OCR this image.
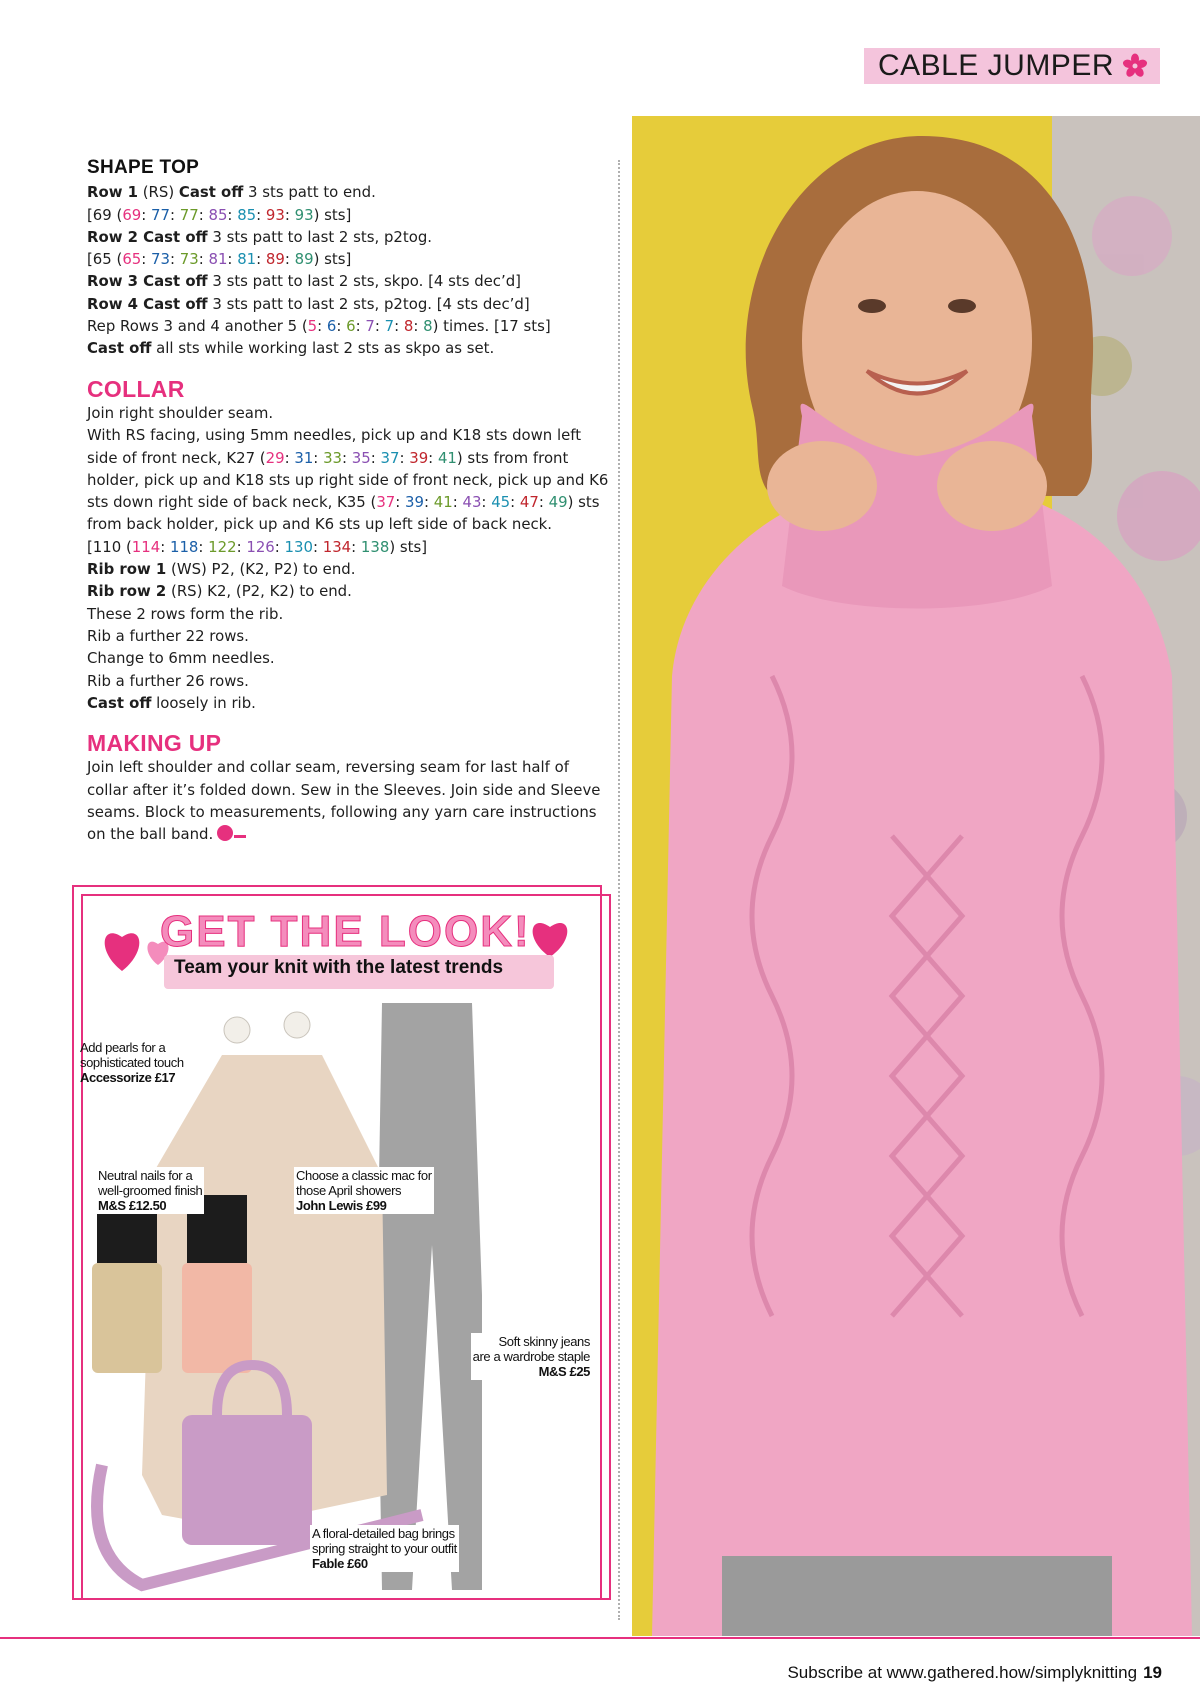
CABLE JUMPER
SHAPE TOP

Row 1 (RS) Cast off 3 sts patt to end.

[69 (69: 77: 77: 85: 85: 93: 93) sts]

Row 2 Cast off 3 sts patt to last 2 sts, p2tog.

[65 (65: 73: 73: 81: 81: 89: 89) sts]

Row 3 Cast off 3 sts patt to last 2 sts, skpo. [4 sts dec’d]

Row 4 Cast off 3 sts patt to last 2 sts, p2tog. [4 sts dec’d]

Rep Rows 3 and 4 another 5 (5: 6: 6: 7: 7: 8: 8) times. [17 sts]

Cast off all sts while working last 2 sts as skpo as set.

COLLAR

Join right shoulder seam.

With RS facing, using 5mm needles, pick up and K18 sts down left side of front neck, K27 (29: 31: 33: 35: 37: 39: 41) sts from front holder, pick up and K18 sts up right side of front neck, pick up and K6 sts down right side of back neck, K35 (37: 39: 41: 43: 45: 47: 49) sts from back holder, pick up and K6 sts up left side of back neck.

[110 (114: 118: 122: 126: 130: 134: 138) sts]

Rib row 1 (WS) P2, (K2, P2) to end.

Rib row 2 (RS) K2, (P2, K2) to end.

These 2 rows form the rib.

Rib a further 22 rows.

Change to 6mm needles.

Rib a further 26 rows.

Cast off loosely in rib.

MAKING UP

Join left shoulder and collar seam, reversing seam for last half of collar after it’s folded down. Sew in the Sleeves. Join side and Sleeve seams. Block to measurements, following any yarn care instructions on the ball band.

GET THE LOOK!
Team your knit with the latest trends
Add pearls for a
sophisticated touch
Accessorize £17
Neutral nails for a
well-groomed finish
M&S £12.50
Choose a classic mac for
those April showers
John Lewis £99
Soft skinny jeans
are a wardrobe staple
M&S £25
A floral-detailed bag brings
spring straight to your outfit
Fable £60
Subscribe at www.gathered.how/simplyknitting 19
